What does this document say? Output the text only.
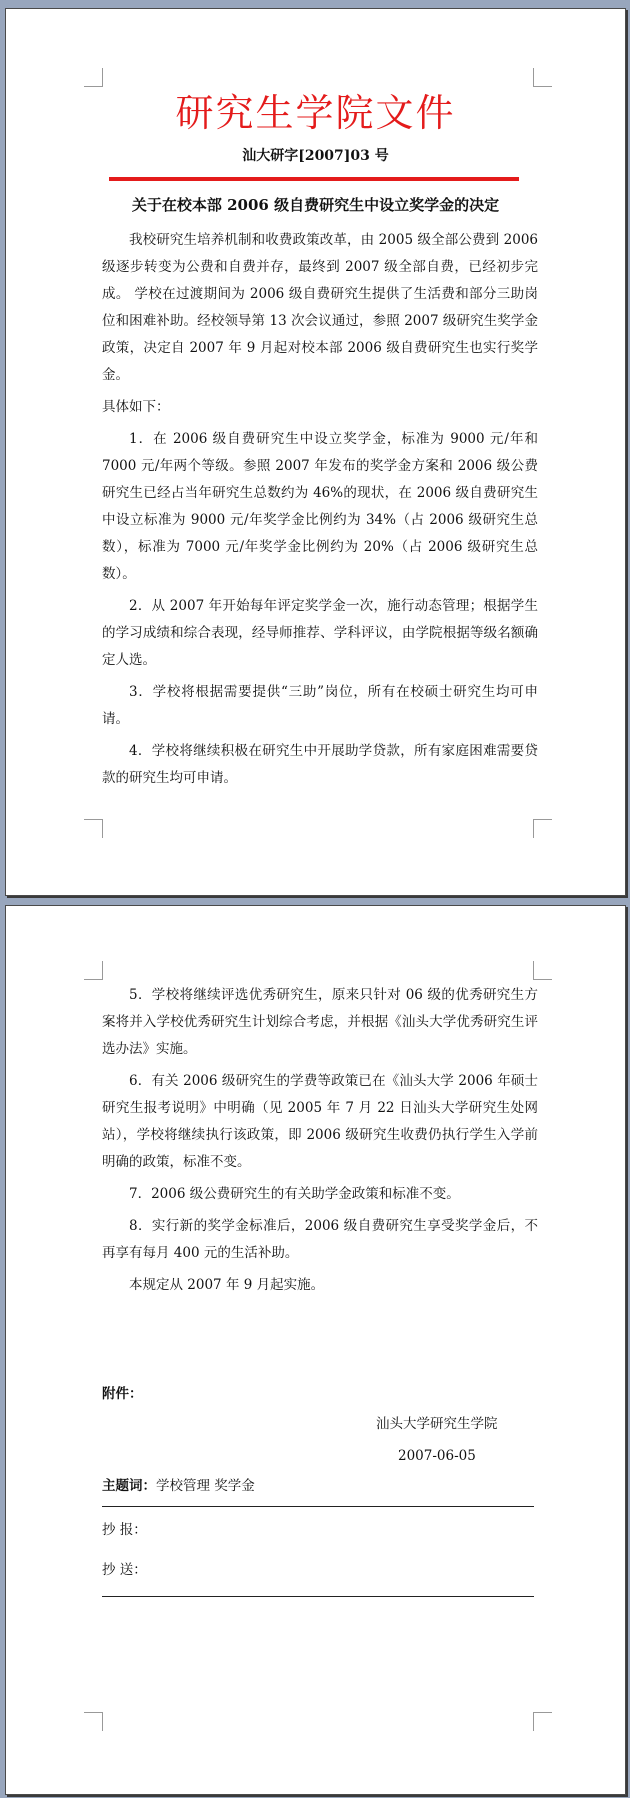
研究生学院文件
汕大研字[2007]03 号
关于在校本部 2006 级自费研究生中设立奖学金的决定

我校研究生培养机制和收费政策改革，由 2005 级全部公费到 2006 级逐步转变为公费和自费并存，最终到 2007 级全部自费，已经初步完成。 学校在过渡期间为 2006 级自费研究生提供了生活费和部分三助岗位和困难补助。经校领导第 13 次会议通过，参照 2007 级研究生奖学金政策，决定自 2007 年 9 月起对校本部 2006 级自费研究生也实行奖学金。

具体如下：

1．在 2006 级自费研究生中设立奖学金，标准为 9000 元/年和 7000 元/年两个等级。参照 2007 年发布的奖学金方案和 2006 级公费研究生已经占当年研究生总数约为 46%的现状，在 2006 级自费研究生中设立标准为 9000 元/年奖学金比例约为 34%（占 2006 级研究生总数），标准为 7000 元/年奖学金比例约为 20%（占 2006 级研究生总数）。

2．从 2007 年开始每年评定奖学金一次，施行动态管理；根据学生的学习成绩和综合表现，经导师推荐、学科评议，由学院根据等级名额确定人选。

3．学校将根据需要提供“三助”岗位，所有在校硕士研究生均可申请。

4．学校将继续积极在研究生中开展助学贷款，所有家庭困难需要贷款的研究生均可申请。

5．学校将继续评选优秀研究生，原来只针对 06 级的优秀研究生方案将并入学校优秀研究生计划综合考虑，并根据《汕头大学优秀研究生评选办法》实施。

6．有关 2006 级研究生的学费等政策已在《汕头大学 2006 年硕士研究生报考说明》中明确（见 2005 年 7 月 22 日汕头大学研究生处网站），学校将继续执行该政策，即 2006 级研究生收费仍执行学生入学前明确的政策，标准不变。

7．2006 级公费研究生的有关助学金政策和标准不变。

8．实行新的奖学金标准后，2006 级自费研究生享受奖学金后，不再享有每月 400 元的生活补助。

本规定从 2007 年 9 月起实施。

附件：
汕头大学研究生学院
2007-06-05
主题词：学校管理 奖学金
抄 报：
抄 送：
